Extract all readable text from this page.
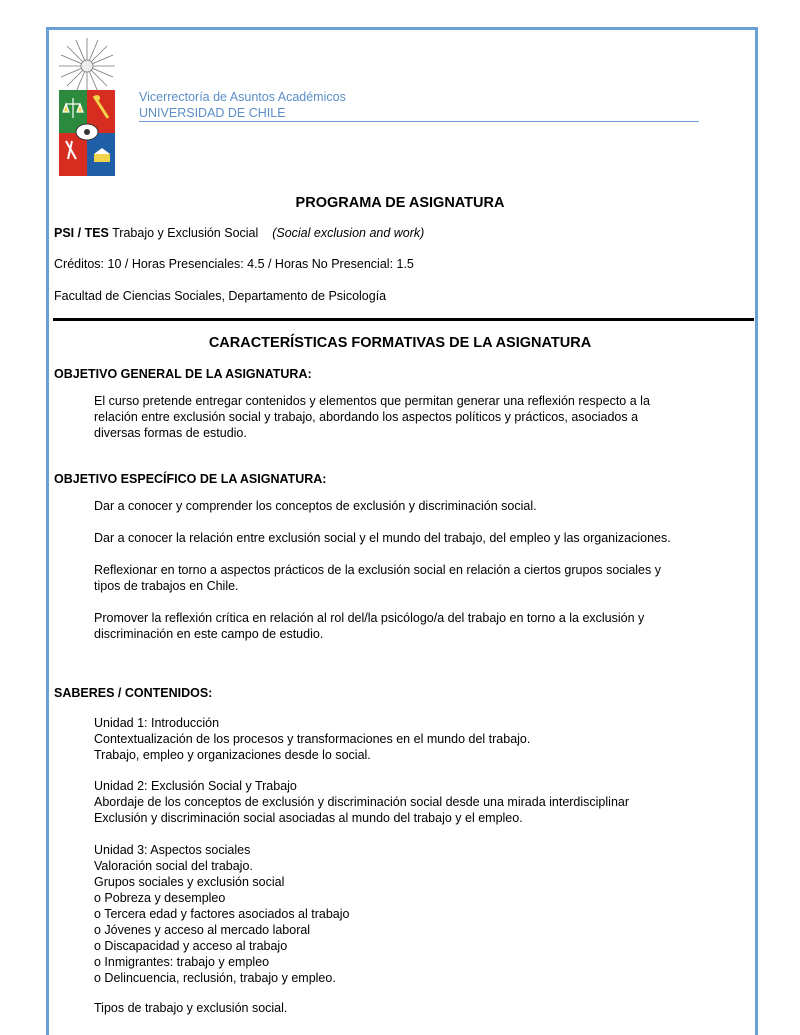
Vicerrectoría de Asuntos Académicos
UNIVERSIDAD DE CHILE
PROGRAMA DE ASIGNATURA
PSI / TES Trabajo y Exclusión Social (Social exclusion and work)
Créditos: 10 / Horas Presenciales: 4.5 / Horas No Presencial: 1.5
Facultad de Ciencias Sociales, Departamento de Psicología
CARACTERÍSTICAS FORMATIVAS DE LA ASIGNATURA
OBJETIVO GENERAL DE LA ASIGNATURA:
El curso pretende entregar contenidos y elementos que permitan generar una reflexión respecto a la
relación entre exclusión social y trabajo, abordando los aspectos políticos y prácticos, asociados a
diversas formas de estudio.
OBJETIVO ESPECÍFICO DE LA ASIGNATURA:
Dar a conocer y comprender los conceptos de exclusión y discriminación social.
Dar a conocer la relación entre exclusión social y el mundo del trabajo, del empleo y las organizaciones.
Reflexionar en torno a aspectos prácticos de la exclusión social en relación a ciertos grupos sociales y
tipos de trabajos en Chile.
Promover la reflexión crítica en relación al rol del/la psicólogo/a del trabajo en torno a la exclusión y
discriminación en este campo de estudio.
SABERES / CONTENIDOS:
Unidad 1: Introducción
Contextualización de los procesos y transformaciones en el mundo del trabajo.
Trabajo, empleo y organizaciones desde lo social.
Unidad 2: Exclusión Social y Trabajo
Abordaje de los conceptos de exclusión y discriminación social desde una mirada interdisciplinar
Exclusión y discriminación social asociadas al mundo del trabajo y el empleo.
Unidad 3: Aspectos sociales
Valoración social del trabajo.
Grupos sociales y exclusión social
o Pobreza y desempleo
o Tercera edad y factores asociados al trabajo
o Jóvenes y acceso al mercado laboral
o Discapacidad y acceso al trabajo
o Inmigrantes: trabajo y empleo
o Delincuencia, reclusión, trabajo y empleo.
Tipos de trabajo y exclusión social.
